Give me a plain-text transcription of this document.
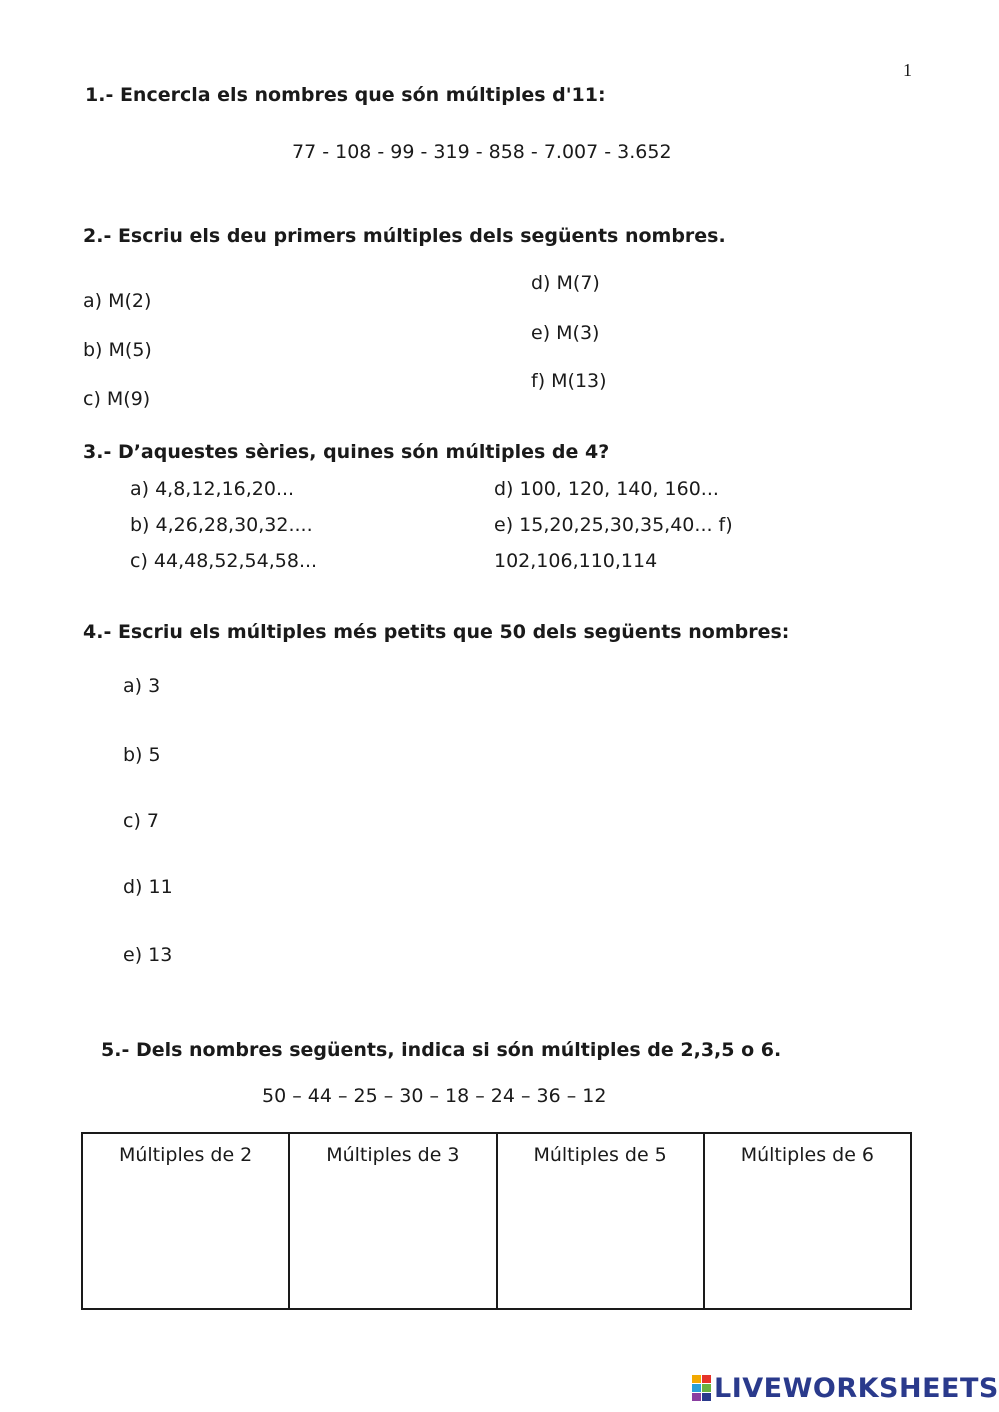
1
1.- Encercla els nombres que són múltiples d'11:
77 - 108 - 99 - 319 - 858 - 7.007 - 3.652
2.- Escriu els deu primers múltiples dels següents nombres.
a) M(2)
b) M(5)
c) M(9)
d) M(7)
e) M(3)
f) M(13)
3.- D’aquestes sèries, quines són múltiples de 4?
a) 4,8,12,16,20...
b) 4,26,28,30,32....
c) 44,48,52,54,58...
d) 100, 120, 140, 160...
e) 15,20,25,30,35,40... f)
102,106,110,114
4.- Escriu els múltiples més petits que 50 dels següents nombres:
a) 3
b) 5
c) 7
d) 11
e) 13
5.- Dels nombres següents, indica si són múltiples de 2,3,5 o 6.
50 – 44 – 25 – 30 – 18 – 24 – 36 – 12
Múltiples de 2	Múltiples de 3	Múltiples de 5	Múltiples de 6
LIVEWORKSHEETS
